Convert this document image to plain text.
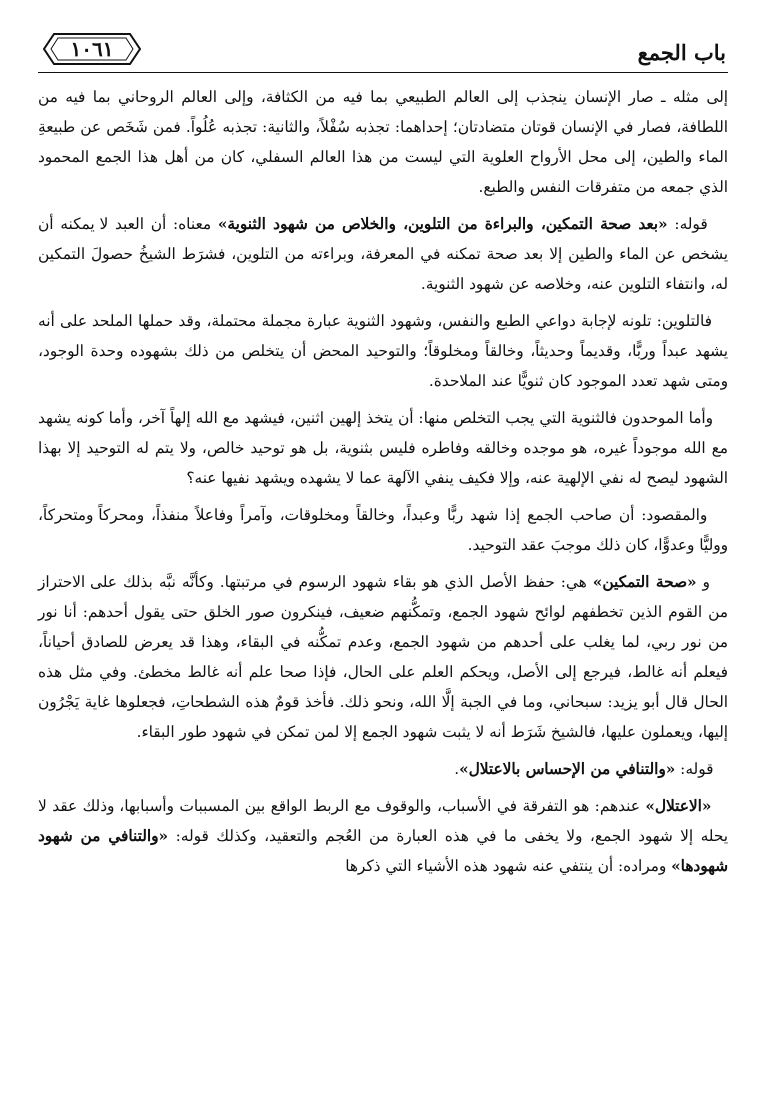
باب الجمع
١٠٦١

إلى مثله ـ صار الإنسان ينجذب إلى العالم الطبيعي بما فيه من الكثافة، وإلى العالم الروحاني بما فيه من اللطافة، فصار في الإنسان قوتان متضادتان؛ إحداهما: تجذبه سُفْلاً، والثانية: تجذبه عُلُواً. فمن شَخَص عن طبيعةِ الماء والطين، إلى محل الأرواح العلوية التي ليست من هذا العالم السفلي، كان من أهل هذا الجمع المحمود الذي جمعه من متفرقات النفس والطبع.

قوله: «بعد صحة التمكين، والبراءة من التلوين، والخلاص من شهود الثنوية» معناه: أن العبد لا يمكنه أن يشخص عن الماء والطين إلا بعد صحة تمكنه في المعرفة، وبراءته من التلوين، فشرَط الشيخُ حصولَ التمكين له، وانتفاء التلوين عنه، وخلاصه عن شهود الثنوية.

فالتلوين: تلونه لإجابة دواعي الطبع والنفس، وشهود الثنوية عبارة مجملة محتملة، وقد حملها الملحد على أنه يشهد عبداً وربًّا، وقديماً وحديثاً، وخالقاً ومخلوقاً؛ والتوحيد المحض أن يتخلص من ذلك بشهوده وحدة الوجود، ومتى شهد تعدد الموجود كان ثنويًّا عند الملاحدة.

وأما الموحدون فالثنوية التي يجب التخلص منها: أن يتخذ إلهين اثنين، فيشهد مع الله إلهاً آخر، وأما كونه يشهد مع الله موجوداً غيره، هو موجده وخالقه وفاطره فليس بثنوية، بل هو توحيد خالص، ولا يتم له التوحيد إلا بهذا الشهود ليصح له نفي الإلهية عنه، وإلا فكيف ينفي الآلهة عما لا يشهده ويشهد نفيها عنه؟

والمقصود: أن صاحب الجمع إذا شهد ربًّا وعبداً، وخالقاً ومخلوقات، وآمراً وفاعلاً منفذاً، ومحركاً ومتحركاً، ووليًّا وعدوًّا، كان ذلك موجبَ عقد التوحيد.

و «صحة التمكين» هي: حفظ الأصل الذي هو بقاء شهود الرسوم في مرتبتها. وكأنَّه نبَّه بذلك على الاحتراز من القوم الذين تخطفهم لوائح شهود الجمع، وتمكُّنهم ضعيف، فينكرون صور الخلق حتى يقول أحدهم: أنا نور من نور ربي، لما يغلب على أحدهم من شهود الجمع، وعدم تمكُّنه في البقاء، وهذا قد يعرض للصادق أحياناً، فيعلم أنه غالط، فيرجع إلى الأصل، ويحكم العلم على الحال، فإذا صحا علم أنه غالط مخطئ. وفي مثل هذه الحال قال أبو يزيد: سبحاني، وما في الجبة إلَّا الله، ونحو ذلك. فأخذ قومٌ هذه الشطحاتِ، فجعلوها غاية يَجْرُون إليها، ويعملون عليها، فالشيخ شَرَط أنه لا يثبت شهود الجمع إلا لمن تمكن في شهود طور البقاء.

قوله: «والتنافي من الإحساس بالاعتلال».

«الاعتلال» عندهم: هو التفرقة في الأسباب، والوقوف مع الربط الواقع بين المسببات وأسبابها، وذلك عقد لا يحله إلا شهود الجمع، ولا يخفى ما في هذه العبارة من العُجم والتعقيد، وكذلك قوله: «والتنافي من شهود شهودها» ومراده: أن ينتفي عنه شهود هذه الأشياء التي ذكرها
